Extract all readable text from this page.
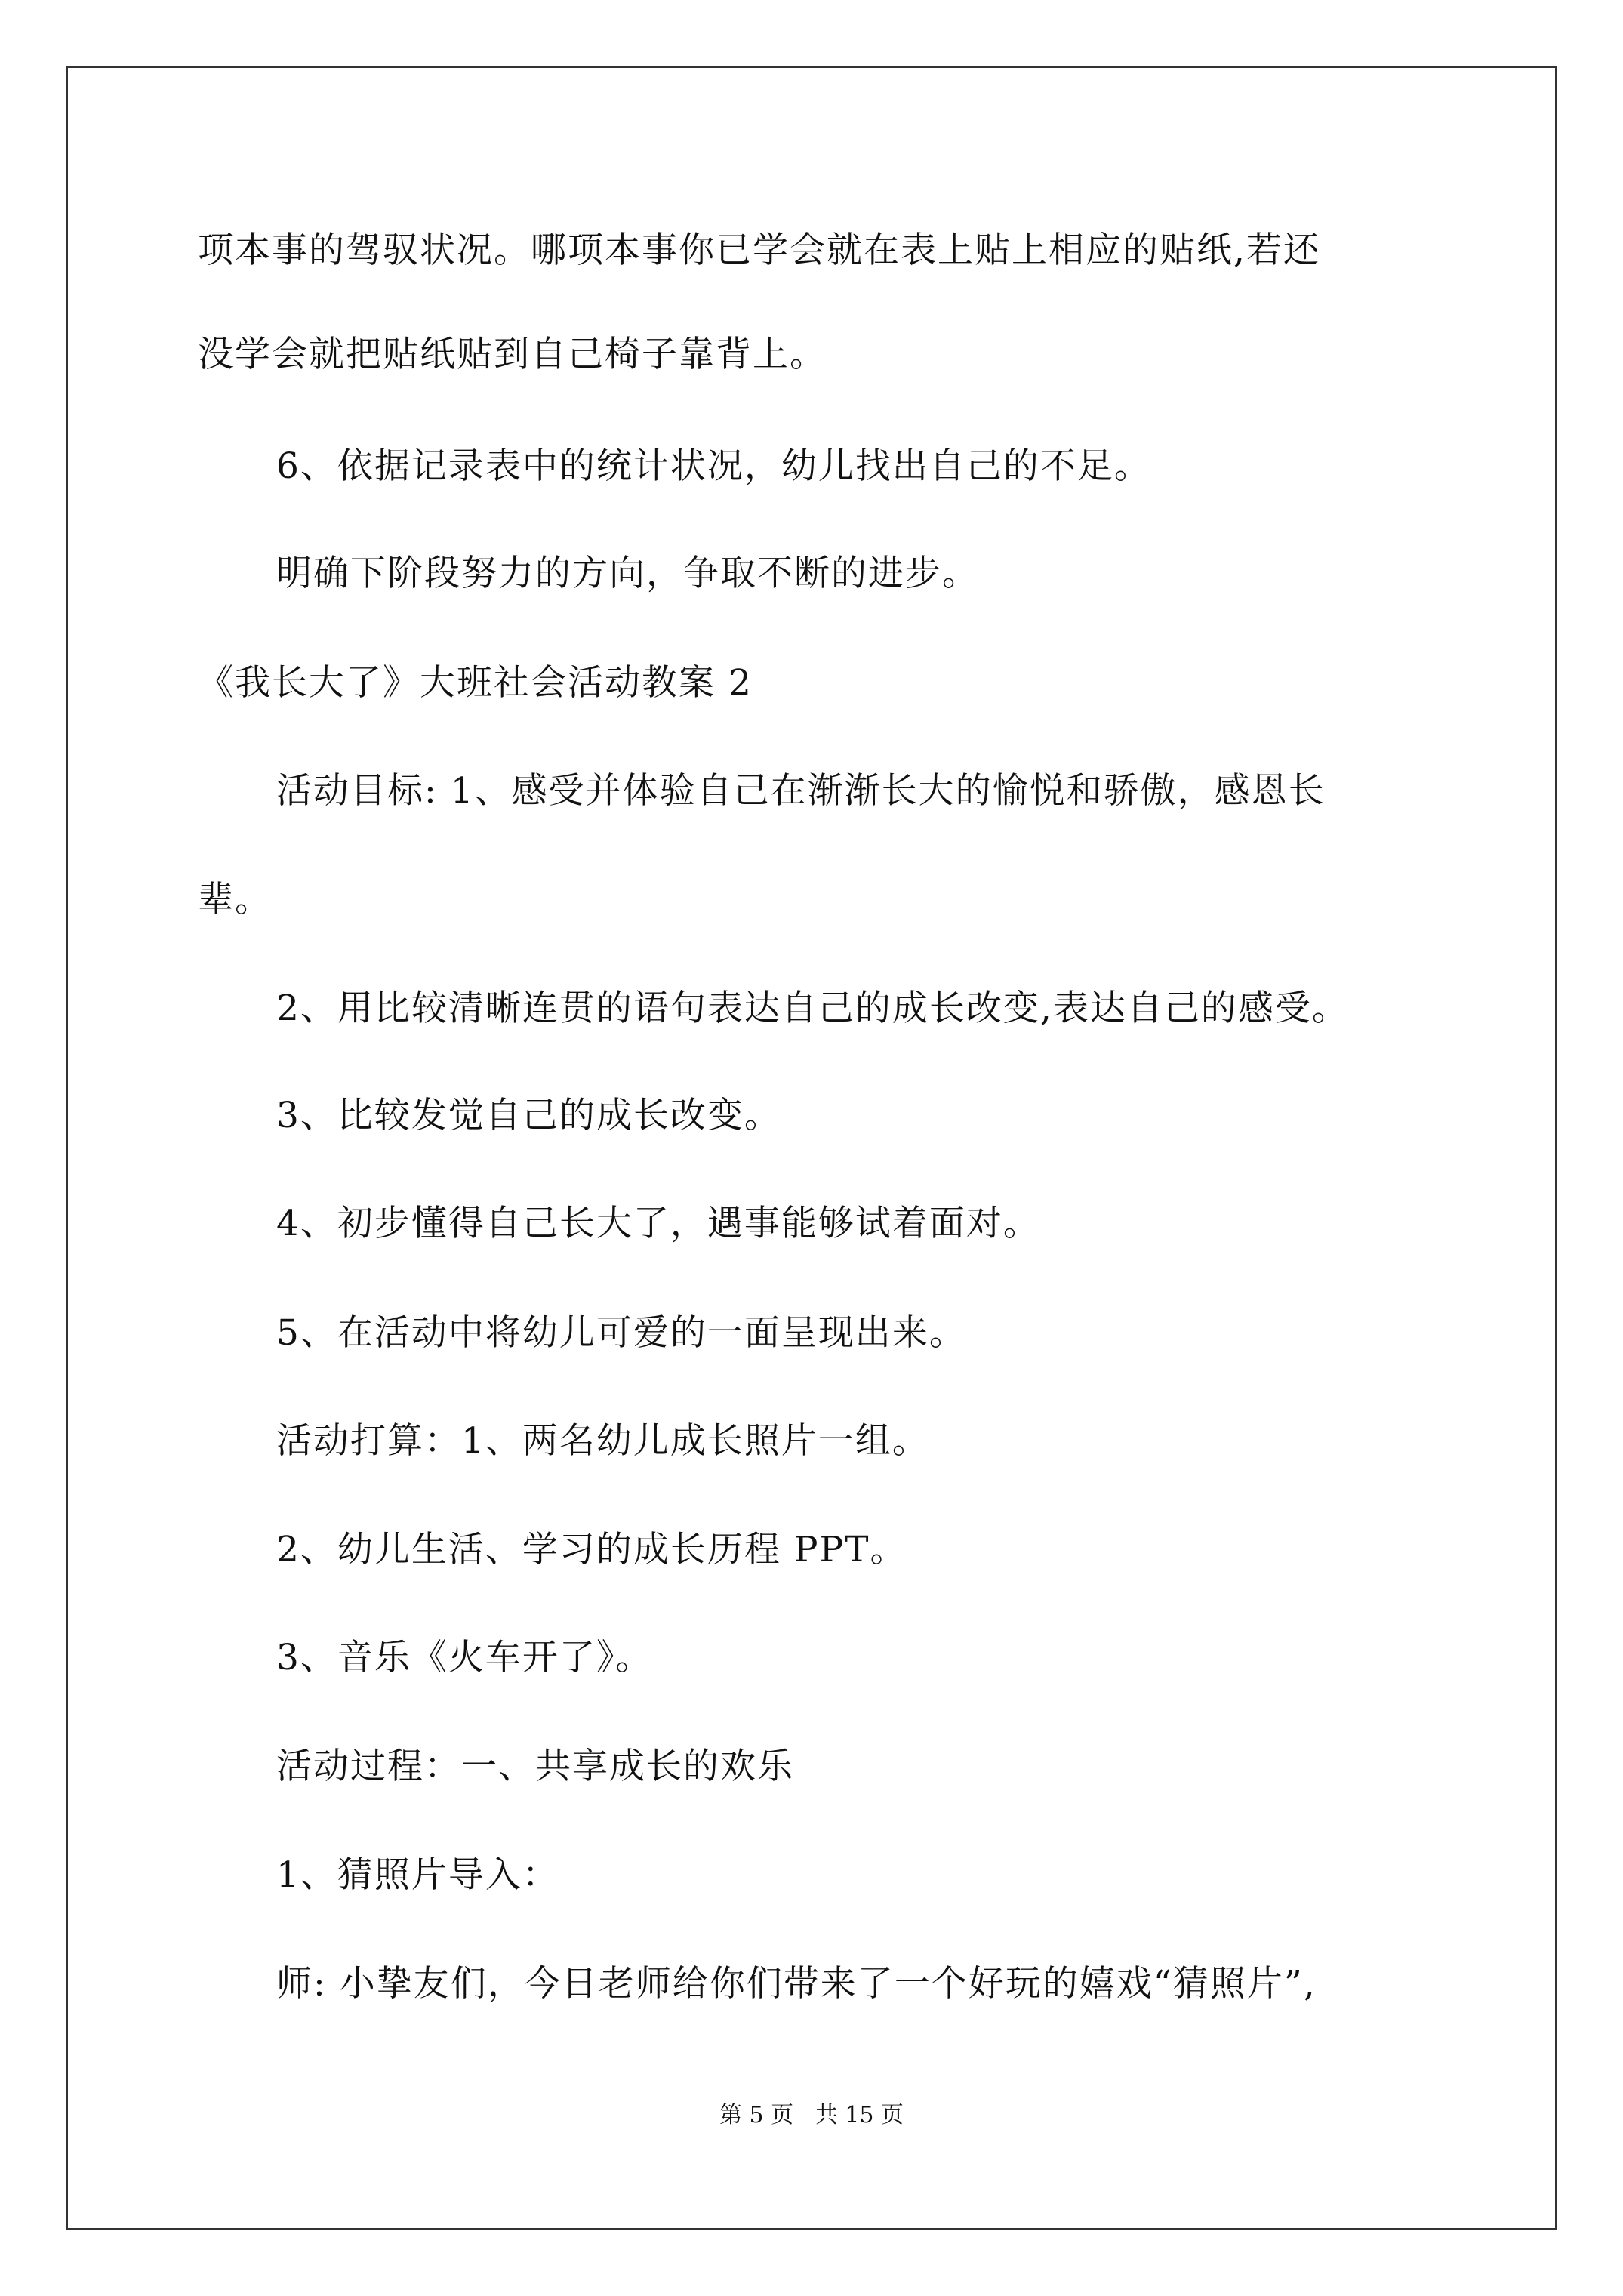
项本事的驾驭状况。哪项本事你已学会就在表上贴上相应的贴纸,若还
没学会就把贴纸贴到自己椅子靠背上。
6、依据记录表中的统计状况，幼儿找出自己的不足。
明确下阶段努力的方向，争取不断的进步。
《我长大了》大班社会活动教案 2
活动目标: 1、感受并体验自己在渐渐长大的愉悦和骄傲，感恩长
辈。
2、用比较清晰连贯的语句表达自己的成长改变,表达自己的感受。
3、比较发觉自己的成长改变。
4、初步懂得自己长大了，遇事能够试着面对。
5、在活动中将幼儿可爱的一面呈现出来。
活动打算：1、两名幼儿成长照片一组。
2、幼儿生活、学习的成长历程 PPT。
3、音乐《火车开了》。
活动过程：一、共享成长的欢乐
1、猜照片导入：
师: 小挚友们，今日老师给你们带来了一个好玩的嬉戏“猜照片”,
第 5 页   共 15 页
